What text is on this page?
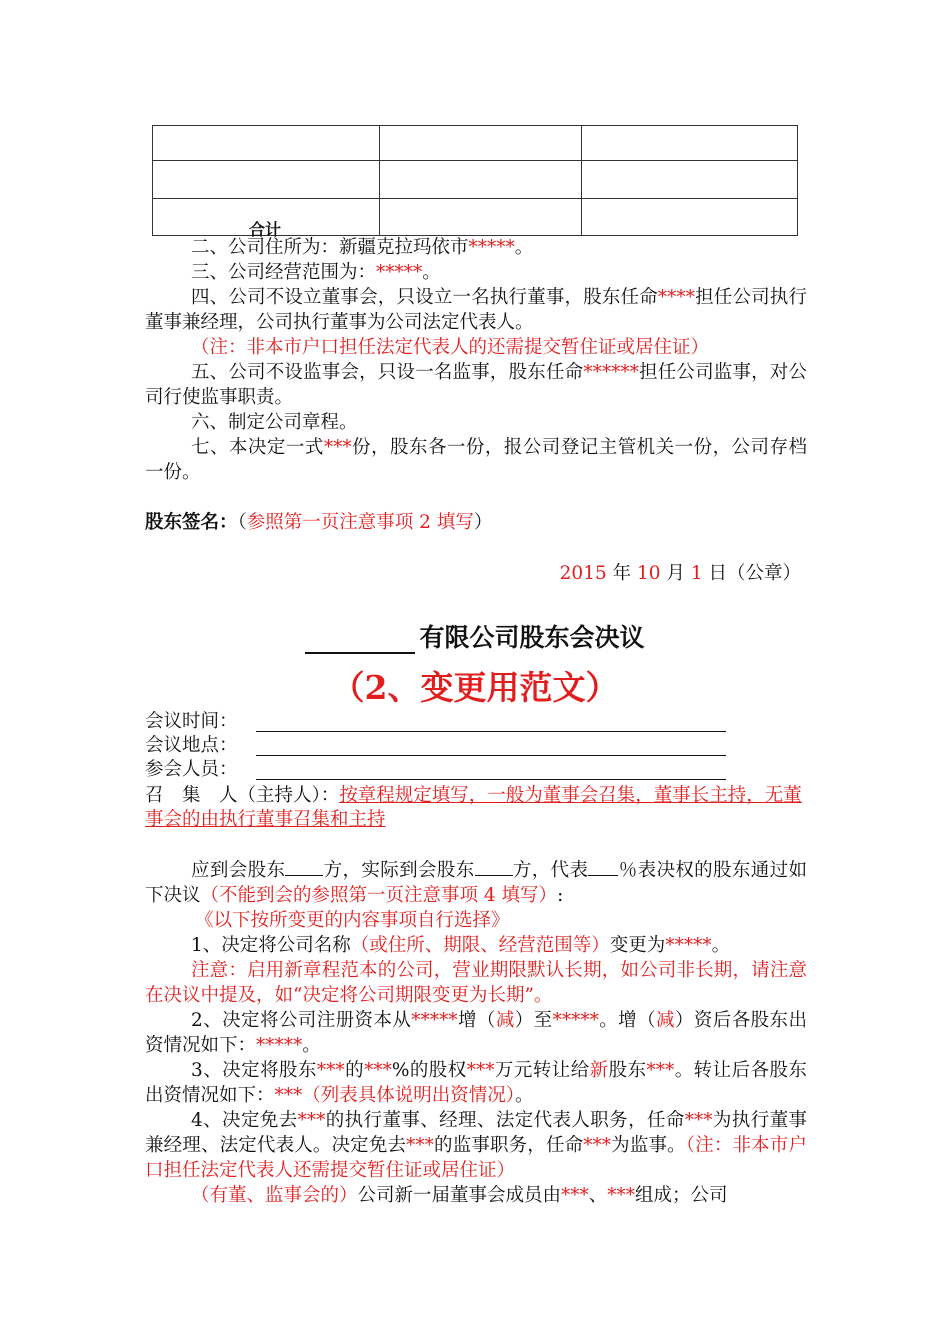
合计		

二、公司住所为：新疆克拉玛依市*****。
三、公司经营范围为：*****。
四、公司不设立董事会，只设立一名执行董事，股东任命****担任公司执行董事兼经理，公司执行董事为公司法定代表人。
（注：非本市户口担任法定代表人的还需提交暂住证或居住证）
五、公司不设监事会，只设一名监事，股东任命******担任公司监事，对公司行使监事职责。
六、制定公司章程。
七、本决定一式***份，股东各一份，报公司登记主管机关一份，公司存档一份。
股东签名：（参照第一页注意事项 2 填写）
2015 年 10 月 1 日（公章）
有限公司股东会决议
（2、变更用范文）
会议时间：
会议地点：
参会人员：
召　集　人（主持人）：按章程规定填写，一般为董事会召集，董事长主持，无董事会的由执行董事召集和主持
应到会股东 方，实际到会股东 方，代表 ％表决权的股东通过如下决议（不能到会的参照第一页注意事项 4 填写）:
《以下按所变更的内容事项自行选择》
1、决定将公司名称（或住所、期限、经营范围等）变更为*****。
注意：启用新章程范本的公司，营业期限默认长期，如公司非长期，请注意在决议中提及，如“决定将公司期限变更为长期”。
2、决定将公司注册资本从*****增（减）至*****。增（减）资后各股东出资情况如下：*****。
3、决定将股东***的***%的股权***万元转让给新股东***。转让后各股东出资情况如下：***（列表具体说明出资情况）。
4、决定免去***的执行董事、经理、法定代表人职务，任命***为执行董事兼经理、法定代表人。决定免去***的监事职务，任命***为监事。（注：非本市户口担任法定代表人还需提交暂住证或居住证）
（有董、监事会的）公司新一届董事会成员由***、***组成；公司
